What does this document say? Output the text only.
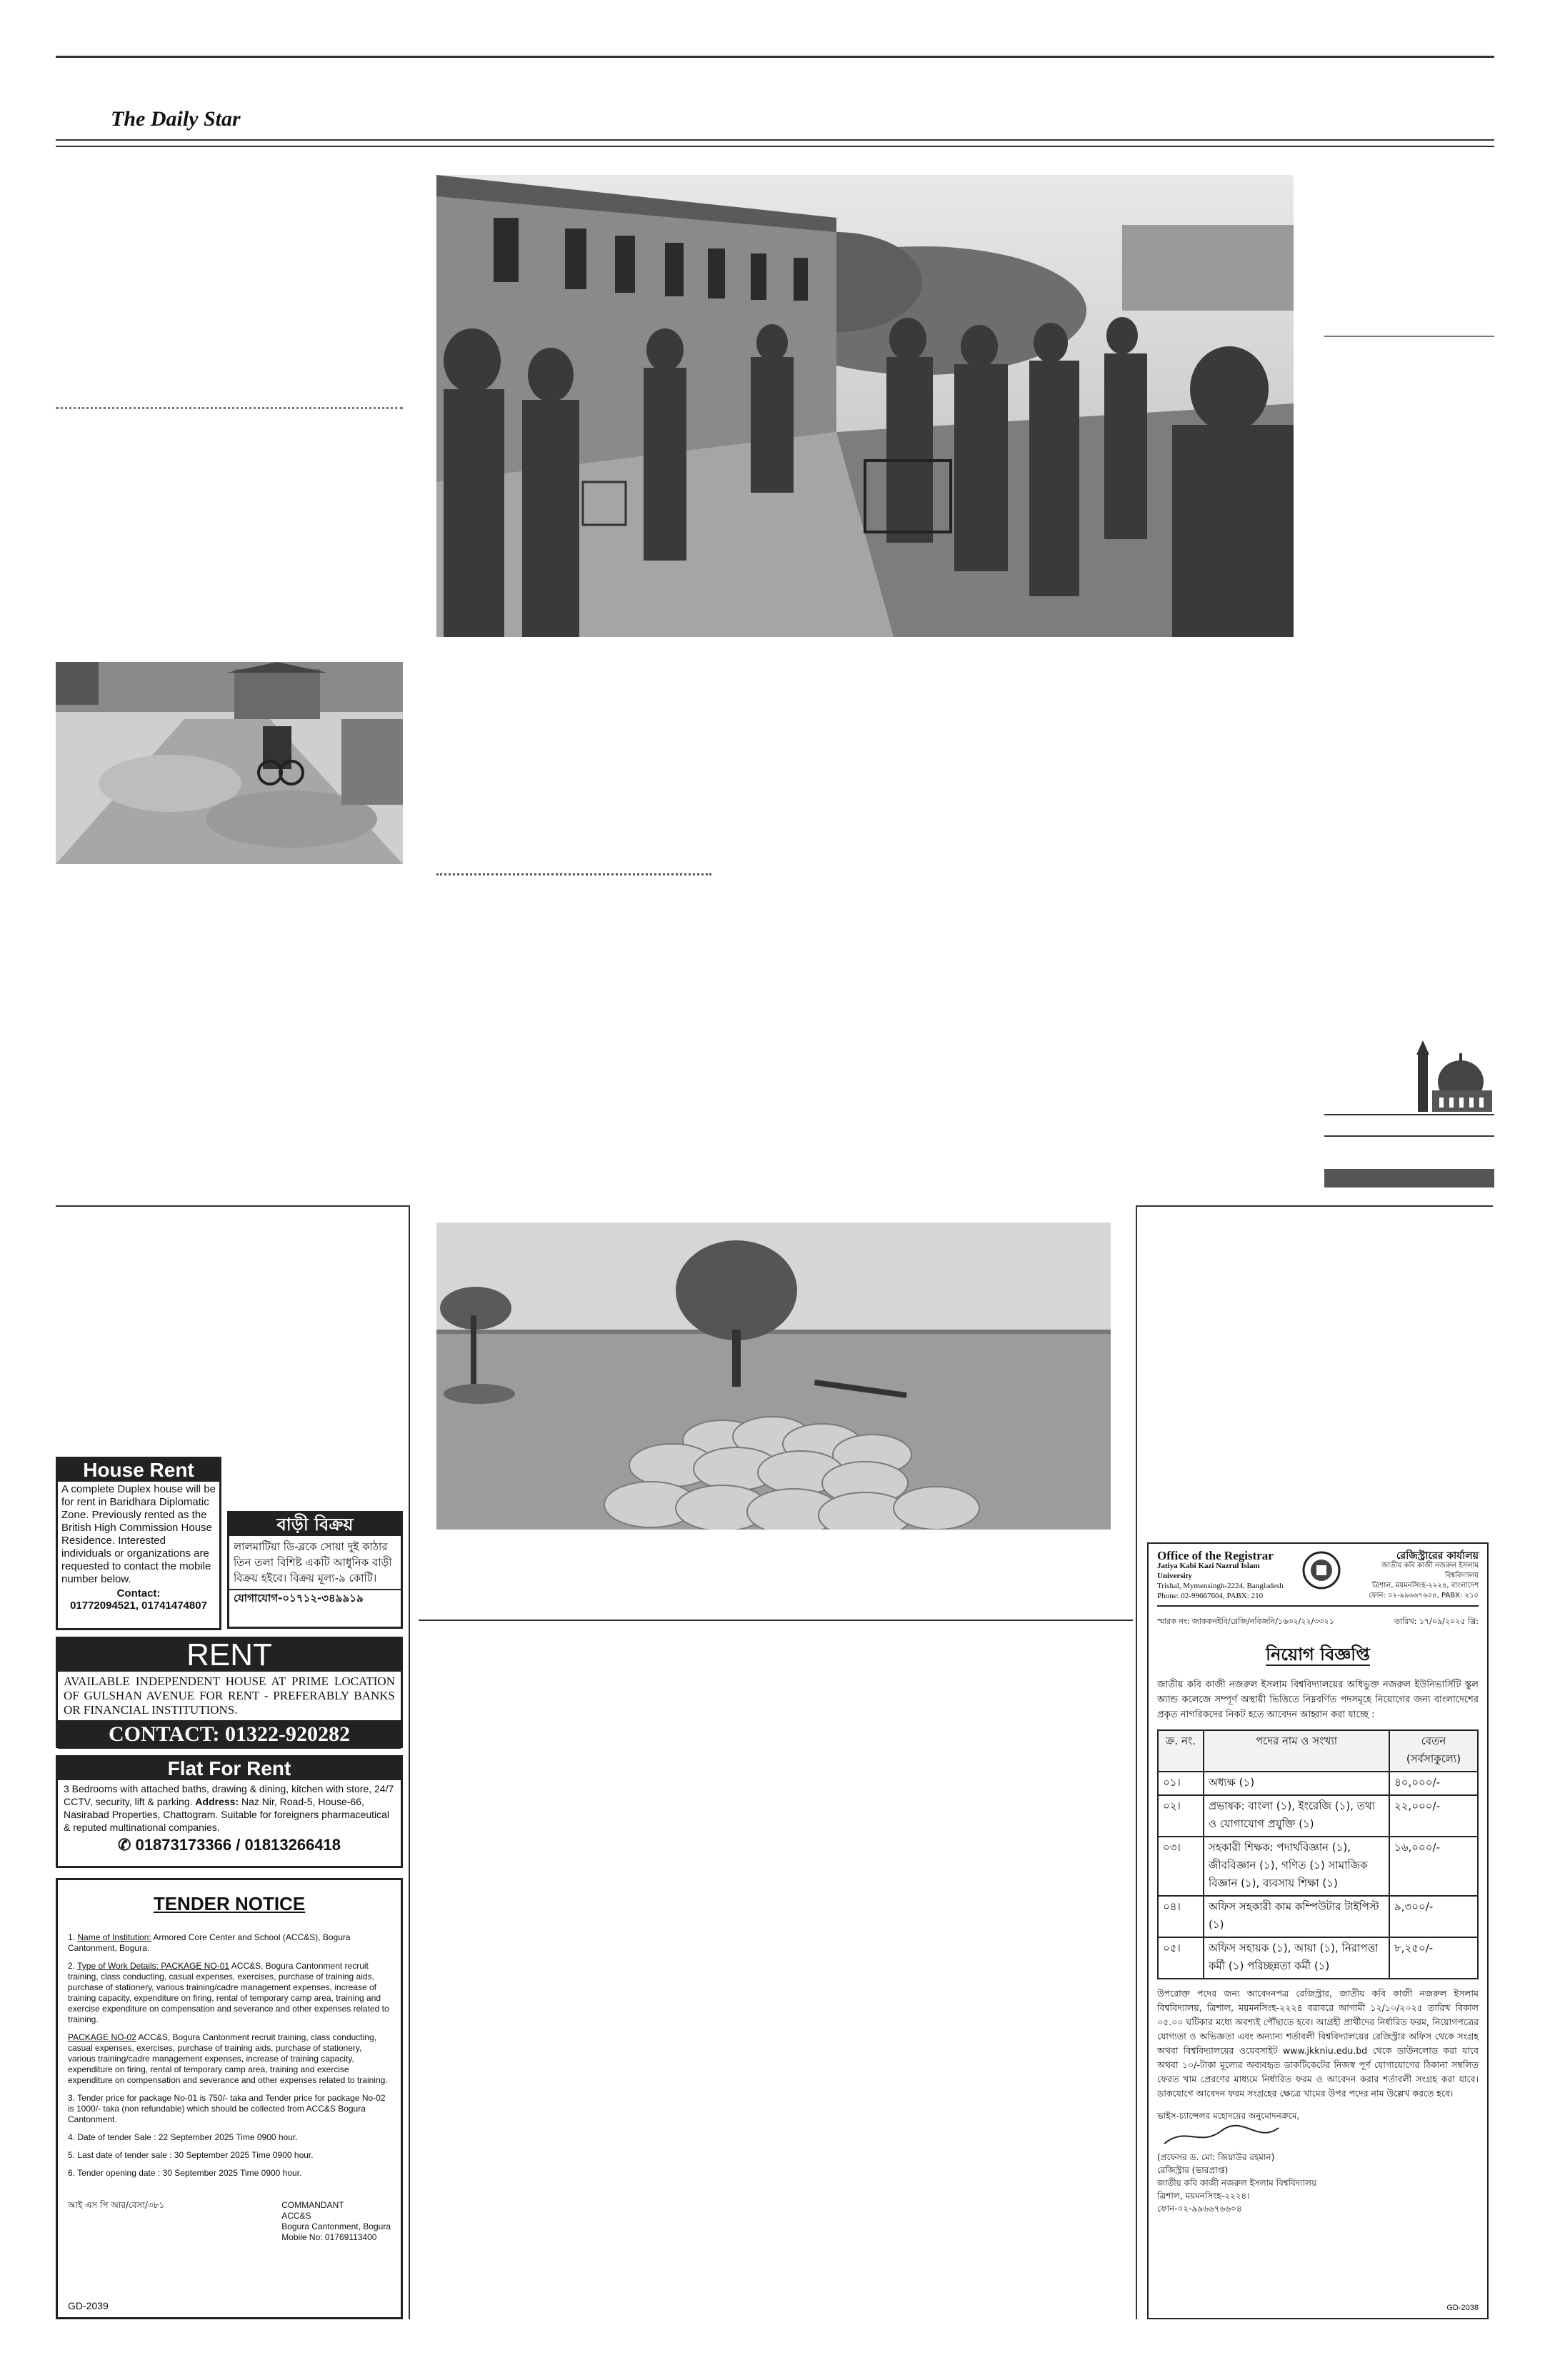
The Daily Star
House Rent
A complete Duplex house will be for rent in Baridhara Diplomatic Zone. Previously rented as the British High Commission House Residence. Interested individuals or organizations are requested to contact the mobile number below.
Contact:
01772094521, 01741474807
বাড়ী বিক্রয়
লালমাটিয়া ডি-ব্লকে সোয়া দুই কাঠার তিন তলা বিশিষ্ট একটি আধুনিক বাড়ী বিক্রয় হইবে। বিক্রয় মূল্য-৯ কোটি।
যোগাযোগ-০১৭১২-৩৪৯৯১৯
RENT
AVAILABLE INDEPENDENT HOUSE AT PRIME LOCATION OF GULSHAN AVENUE FOR RENT - PREFERABLY BANKS OR FINANCIAL INSTITUTIONS.
CONTACT: 01322-920282
Flat For Rent
3 Bedrooms with attached baths, drawing & dining, kitchen with store, 24/7 CCTV, security, lift & parking. Address: Naz Nir, Road-5, House-66, Nasirabad Properties, Chattogram. Suitable for foreigners pharmaceutical & reputed multinational companies.
✆ 01873173366 / 01813266418
TENDER NOTICE
1. Name of Institution: Armored Core Center and School (ACC&S), Bogura Cantonment, Bogura.
2. Type of Work Details: PACKAGE NO-01 ACC&S, Bogura Cantonment recruit training, class conducting, casual expenses, exercises, purchase of training aids, purchase of stationery, various training/cadre management expenses, increase of training capacity, expenditure on firing, rental of temporary camp area, training and exercise expenditure on compensation and severance and other expenses related to training.
PACKAGE NO-02 ACC&S, Bogura Cantonment recruit training, class conducting, casual expenses, exercises, purchase of training aids, purchase of stationery, various training/cadre management expenses, increase of training capacity, expenditure on firing, rental of temporary camp area, training and exercise expenditure on compensation and severance and other expenses related to training.
3. Tender price for package No-01 is 750/- taka and Tender price for package No-02 is 1000/- taka (non refundable) which should be collected from ACC&S Bogura Cantonment.
4. Date of tender Sale : 22 September 2025 Time 0900 hour.
5. Last date of tender sale : 30 September 2025 Time 0900 hour.
6. Tender opening date : 30 September 2025 Time 0900 hour.
আই এস পি আর/বেসা/৩৮১	COMMANDANT
ACC&S
Bogura Cantonment, Bogura
Mobile No: 01769113400
GD-2039
Office of the Registrar
Jatiya Kabi Kazi Nazrul Islam University
Trishal, Mymensingh-2224, Bangladesh
Phone: 02-99667604, PABX: 210
রেজিস্ট্রারের কার্যালয়
জাতীয় কবি কাজী নজরুল ইসলাম বিশ্ববিদ্যালয়
ত্রিশাল, ময়মনসিংহ-২২২৪, বাংলাদেশ
ফোন: ০২-৯৯৬৬৭৬০৪, PABX: ২১০
স্মারক নং: জাককনইবি/রেজি/নবিজনি/১৬৩২/২২/৩৩২১	তারিখ: ১৭/০৯/২০২৫ খ্রি:
নিয়োগ বিজ্ঞপ্তি
জাতীয় কবি কাজী নজরুল ইসলাম বিশ্ববিদ্যালয়ের অধিভুক্ত নজরুল ইউনিভার্সিটি স্কুল অ্যান্ড কলেজে সম্পূর্ণ অস্থায়ী ভিত্তিতে নিম্নবর্ণিত পদসমূহে নিয়োগের জন্য বাংলাদেশের প্রকৃত নাগরিকদের নিকট হতে আবেদন আহ্বান করা যাচ্ছে :
ক্র. নং.	পদের নাম ও সংখ্যা	বেতন (সর্বসাকুল্যে)
০১।	অধ্যক্ষ (১)	৪০,০০০/-
০২।	প্রভাষক: বাংলা (১), ইংরেজি (১), তথ্য ও যোগাযোগ প্রযুক্তি (১)	২২,০০০/-
০৩।	সহকারী শিক্ষক: পদার্থবিজ্ঞান (১), জীববিজ্ঞান (১), গণিত (১) সামাজিক বিজ্ঞান (১), ব্যবসায় শিক্ষা (১)	১৬,০০০/-
০৪।	অফিস সহকারী কাম কম্পিউটার টাইপিস্ট (১)	৯,৩০০/-
০৫।	অফিস সহায়ক (১), আয়া (১), নিরাপত্তা কর্মী (১) পরিচ্ছন্নতা কর্মী (১)	৮,২৫০/-
উপরোক্ত পদের জন্য আবেদনপত্র রেজিস্ট্রার, জাতীয় কবি কাজী নজরুল ইসলাম বিশ্ববিদ্যালয়, ত্রিশাল, ময়মনসিংহ-২২২৪ বরাবরে আগামী ১২/১০/২০২৫ তারিখ বিকাল ০৫.০০ ঘটিকার মধ্যে অবশ্যই পৌঁছাতে হবে। আগ্রহী প্রার্থীদের নির্ধারিত ফরম, নিয়োগপত্রের যোগ্যতা ও অভিজ্ঞতা এবং অন্যান্য শর্তাবলী বিশ্ববিদ্যালয়ের রেজিস্ট্রার অফিস থেকে সংগ্রহ অথবা বিশ্ববিদ্যালয়ের ওয়েবসাইট www.jkkniu.edu.bd থেকে ডাউনলোড করা যাবে অথবা ১০/-টাকা মূল্যের অব্যবহৃত ডাকটিকেটের নিজস্ব পূর্ণ যোগাযোগের ঠিকানা সম্বলিত ফেরত খাম প্রেরণের মাধ্যমে নির্ধারিত ফরম ও আবেদন করার শর্তাবলী সংগ্রহ করা যাবে। ডাকযোগে আবেদন ফরম সংগ্রহের ক্ষেত্রে খামের উপর পদের নাম উল্লেখ করতে হবে।
ভাইস-চ্যান্সেলর মহোদয়ের অনুমোদনক্রমে,
(প্রফেসর ড. মো: জিয়াউর রহমান)
রেজিস্ট্রার (ভারপ্রাপ্ত)
জাতীয় কবি কাজী নজরুল ইসলাম বিশ্ববিদ্যালয়
ত্রিশাল, ময়মনসিংহ-২২২৪।
ফোন-০২-৯৯৬৬৭৬৬০৪
GD-2038
